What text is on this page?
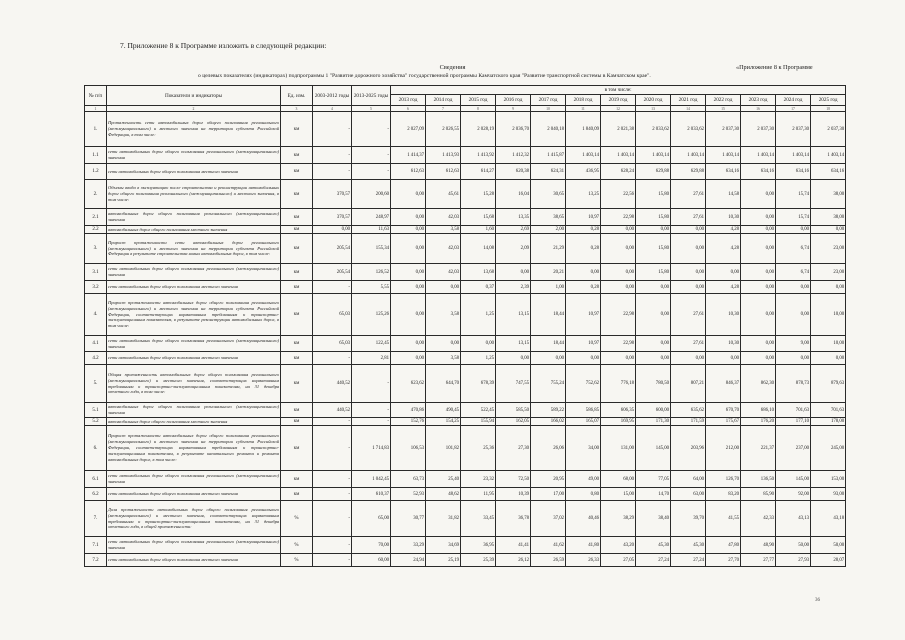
7. Приложение 8 к Программе изложить в следующей редакции:
«Приложение 8 к Программе
Сведения
о целевых показателях (индикаторах) подпрограммы 1 "Развитие дорожного хозяйства" государственной программы Камчатского края "Развитие транспортной системы в Камчатском крае".
№ п/п	Показатели и индикаторы	Ед. изм.	2003-2012 годы	2013-2025 годы	в том числе:												
					2013 год	2014 год	2015 год	2016 год	2017 год	2018 год	2019 год	2020 год	2021 год	2022 год	2023 год	2024 год	2025 год
1	2	3	4	5	6	7	8	9	10	11	12	13	14	15	16	17	18
1.	Протяженность сети автомобильных дорог общего пользования регионального (межмуниципального) и местного значения на территории субъекта Российской Федерации, в том числе:	км	-	-	2 027,09	2 026,55	2 028,19	2 036,70	2 040,18	1 840,09	2 021,38	2 033,62	2 033,62	2 037,30	2 037,30	2 037,30	2 037,30
1.1	сети автомобильных дорог общего пользования регионального (межмуниципального) значения	км	-	-	1 414,37	1 413,93	1 413,92	1 412,32	1 415,87	1 403,14	1 403,14	1 403,14	1 403,14	1 403,14	1 403,14	1 403,14	1 403,14
1.2	сети автомобильных дорог общего пользования местного значения	км	-	-	612,63	612,63	614,27	620,38	624,31	436,95	628,24	629,88	629,88	634,16	634,16	634,16	634,16
2.	Объемы ввода в эксплуатацию после строительства и реконструкции автомобильных дорог общего пользования регионального (межмуниципального) и местного значения, в том числе:	км	370,57	200,60	0,00	45,61	15,28	16,04	30,65	13,25	22,56	15,80	27,61	14,58	0,00	15,74	38,00
2.1	автомобильных дорог общего пользования регионального (межмуниципального) значения	км	370,57	248,97	0,00	42,03	15,68	13,35	38,65	10,97	22,98	15,80	27,61	10,30	0,00	15,74	38,00
2.2	автомобильных дорог общего пользования местного значения	км	0,00	11,63	0,00	3,58	1,60	2,69	2,00	0,28	0,00	0,00	0,00	4,28	0,00	0,00	0,00
3.	Прирост протяженности сети автомобильных дорог регионального (межмуниципального) и местного значения на территории субъекта Российской Федерации в результате строительства новых автомобильных дорог, в том числе:	км	205,54	155,34	0,00	42,03	14,08	2,09	21,29	0,28	0,00	15,80	0,00	4,28	0,00	6,74	23,00
3.1	сети автомобильных дорог общего пользования регионального (межмуниципального) значения	км	205,54	126,52	0,00	42,03	13,68	0,00	20,21	0,00	0,00	15,80	0,00	0,00	0,00	6,74	23,00
3.2	сети автомобильных дорог общего пользования местного значения	км	-	5,55	0,00	0,00	0,37	2,39	1,00	0,28	0,00	0,00	0,00	4,28	0,00	0,00	0,00
4.	Прирост протяженности автомобильных дорог общего пользования регионального (межмуниципального) и местного значения на территории субъекта Российской Федерации, соответствующих нормативным требованиям к транспортно-эксплуатационным показателям, в результате реконструкции автомобильных дорог, в том числе:	км	65,03	125,26	0,00	3,58	1,25	13,15	18,44	10,97	22,98	0,00	27,61	10,30	0,00	0,00	10,00
4.1	сети автомобильных дорог общего пользования регионального (межмуниципального) значения	км	65,03	122,45	0,00	0,00	0,00	13,15	18,44	10,97	22,98	0,00	27,61	10,30	0,00	9,00	10,00
4.2	сети автомобильных дорог общего пользования местного значения	км	-	2,81	0,00	3,58	1,25	0,00	0,00	0,00	0,00	0,00	0,00	0,00	0,00	0,00	0,00
5.	Общая протяженность автомобильных дорог общего пользования регионального (межмуниципального) и местного значения, соответствующих нормативным требованиям к транспортно-эксплуатационным показателям, на 31 декабря отчетного года, в том числе:	км	440,52	-	623,62	644,70	678,39	747,55	755,24	752,62	776,18	780,50	807,21	846,37	862,30	878,73	879,63
5.1	автомобильных дорог общего пользования регионального (межмуниципального) значения	км	440,52	-	470,86	490,45	522,45	585,50	589,22	586,85	606,35	600,00	635,62	670,70	686,10	701,63	701,63
5.2	автомобильных дорог общего пользования местного значения	км	-	-	152,76	154,25	155,94	162,05	166,02	165,07	169,95	171,30	171,59	175,67	176,20	177,10	178,00
6.	Прирост протяженности автомобильных дорог общего пользования регионального (межмуниципального) и местного значения на территории субъекта Российской Федерации, соответствующих нормативным требованиям к транспортно-эксплуатационным показателям, в результате капитального ремонта и ремонта автомобильных дорог, в том числе:	км	-	1 714,83	106,53	101,82	25,36	27,30	26,06	34,00	131,00	145,00	203,96	212,00	221,37	237,00	245,00
6.1	сети автомобильных дорог общего пользования регионального (межмуниципального) значения	км	-	1 042,45	63,73	25,40	23,32	72,50	20,95	49,00	68,00	77,05	64,00	126,70	136,50	145,00	153,00
6.2	сети автомобильных дорог общего пользования местного значения	км	-	610,37	52,93	48,62	11,95	10,39	17,00	0,80	15,00	14,70	63,00	83,20	85,90	92,00	93,00
7.	Доля протяженности автомобильных дорог общего пользования регионального (межмуниципального) и местного значения, соответствующих нормативным требованиям к транспортно-эксплуатационным показателям, на 31 декабря отчетного года, в общей протяженности:	%	-	65,00	30,77	31,82	33,45	36,78	37,02	40,46	38,29	38,40	39,70	41,55	42,33	43,13	43,18
7.1	сети автомобильных дорог общего пользования регионального (межмуниципального) значения	%	-	70,00	33,29	34,69	36,95	41,41	41,62	41,80	43,20	45,30	45,30	47,80	48,90	50,00	50,00
7.2	сети автомобильных дорог общего пользования местного значения	%	-	60,00	24,94	25,19	25,39	26,12	26,59	26,33	27,05	27,24	27,24	27,70	27,77	27,93	28,07
36
